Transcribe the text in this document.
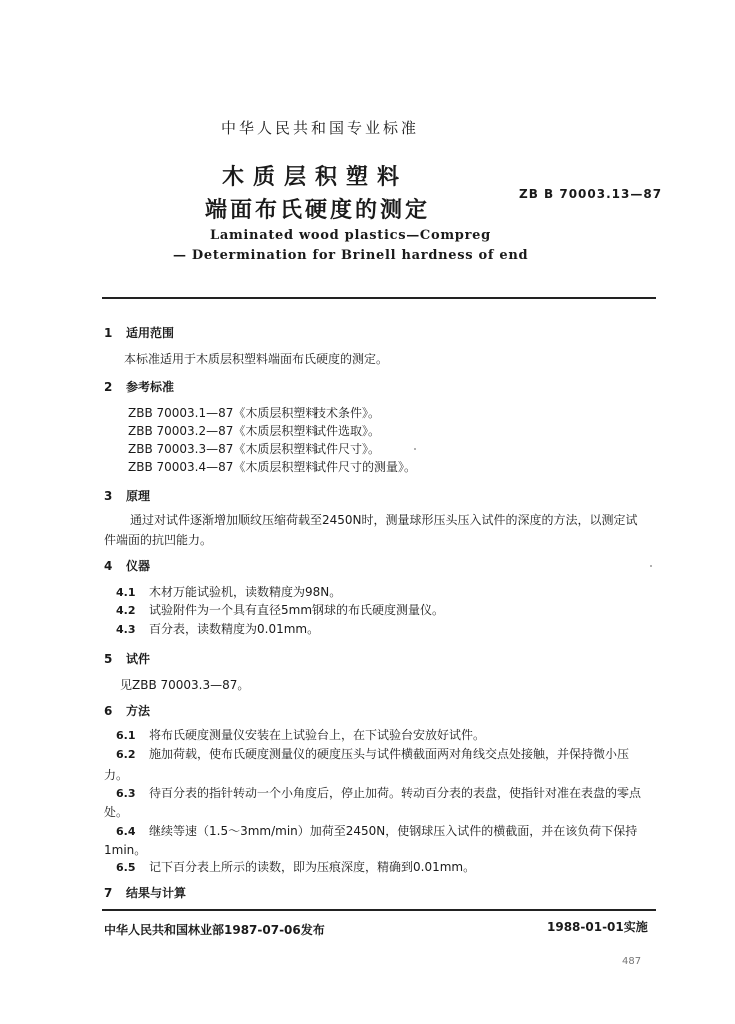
中华人民共和国专业标准
木质层积塑料
端面布氏硬度的测定
ZB B 70003.13—87
Laminated wood plastics—Compreg
— Determination for Brinell hardness of end
1 适用范围
本标准适用于木质层积塑料端面布氏硬度的测定。
2 参考标准
ZBB 70003.1—87《木质层积塑料技术条件》。
ZBB 70003.2—87《木质层积塑料试件选取》。
ZBB 70003.3—87《木质层积塑料试件尺寸》。
ZBB 70003.4—87《木质层积塑料试件尺寸的测量》。
3 原理
通过对试件逐渐增加顺纹压缩荷载至2450N时，测量球形压头压入试件的深度的方法，以测定试
件端面的抗凹能力。
4 仪器
4.1 木材万能试验机，读数精度为98N。
4.2 试验附件为一个具有直径5mm钢球的布氏硬度测量仪。
4.3 百分表，读数精度为0.01mm。
5 试件
见ZBB 70003.3—87。
6 方法
6.1 将布氏硬度测量仪安装在上试验台上，在下试验台安放好试件。
6.2 施加荷载，使布氏硬度测量仪的硬度压头与试件横截面两对角线交点处接触，并保持微小压
力。
6.3 待百分表的指针转动一个小角度后，停止加荷。转动百分表的表盘，使指针对准在表盘的零点
处。
6.4 继续等速（1.5～3mm/min）加荷至2450N，使钢球压入试件的横截面，并在该负荷下保持
1min。
6.5 记下百分表上所示的读数，即为压痕深度，精确到0.01mm。
7 结果与计算
中华人民共和国林业部1987-07-06发布	1988-01-01实施
487
